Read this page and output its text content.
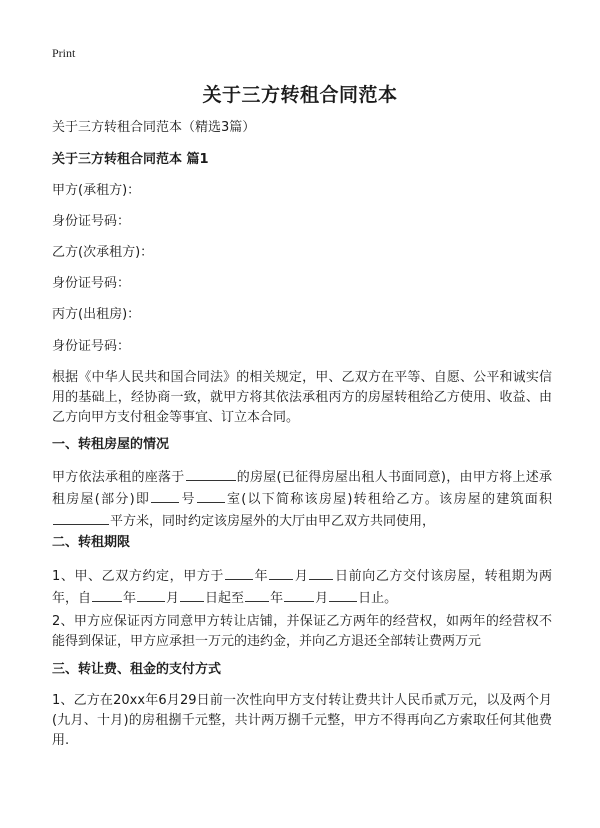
Print
关于三方转租合同范本
关于三方转租合同范本（精选3篇）
关于三方转租合同范本 篇1
甲方(承租方)：
身份证号码：
乙方(次承租方)：
身份证号码：
丙方(出租房)：
身份证号码：
根据《中华人民共和国合同法》的相关规定，甲、乙双方在平等、自愿、公平和诚实信用的基础上，经协商一致，就甲方将其依法承租丙方的房屋转租给乙方使用、收益、由乙方向甲方支付租金等事宜、订立本合同。
一、转租房屋的情况
甲方依法承租的座落于	的房屋(已征得房屋出租人书面同意)，由甲方将上述承租房屋(部分)即 号 室(以下简称该房屋)转租给乙方。该房屋的建筑面积平方米，同时约定该房屋外的大厅由甲乙双方共同使用，
二、转租期限
1、甲、乙双方约定，甲方于 年 月 日前向乙方交付该房屋，转租期为两年，自 年 月 日起至 年 月 日止。
2、甲方应保证丙方同意甲方转让店铺，并保证乙方两年的经营权，如两年的经营权不能得到保证，甲方应承担一万元的违约金，并向乙方退还全部转让费两万元
三、转让费、租金的支付方式
1、乙方在20xx年6月29日前一次性向甲方支付转让费共计人民币贰万元，以及两个月(九月、十月)的房租捌千元整，共计两万捌千元整，甲方不得再向乙方索取任何其他费用.
